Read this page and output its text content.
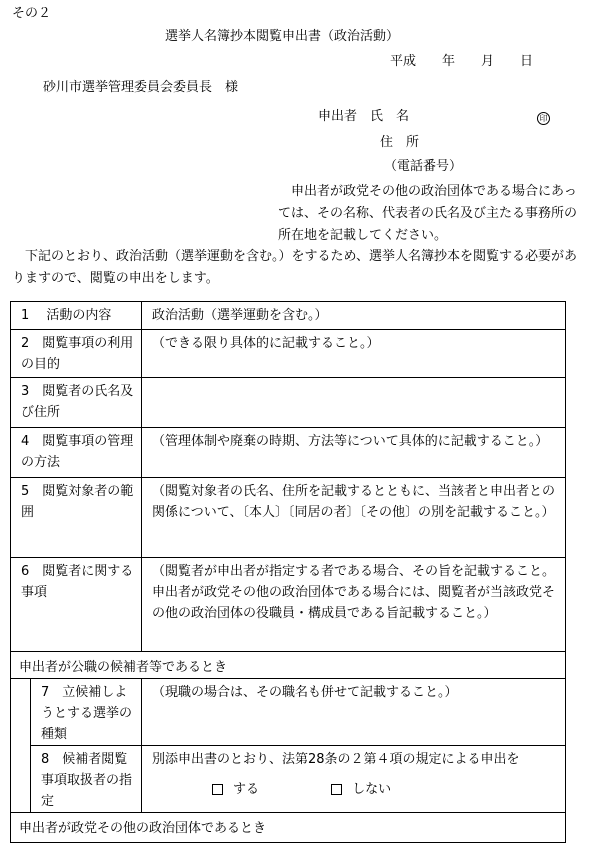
その２
選挙人名簿抄本閲覧申出書（政治活動）
平成　　年　　月　　日
砂川市選挙管理委員会委員長　様
申出者　氏　名	印
住　所
（電話番号）
申出者が政党その他の政治団体である場合にあっては、その名称、代表者の氏名及び主たる事務所の所在地を記載してください。
下記のとおり、政治活動（選挙運動を含む。）をするため、選挙人名簿抄本を閲覧する必要がありますので、閲覧の申出をします。
1　 活動の内容		政治活動（選挙運動を含む。）
2　閲覧事項の利用の目的		（できる限り具体的に記載すること。）
3　閲覧者の氏名及び住所		
4　閲覧事項の管理の方法		（管理体制や廃棄の時期、方法等について具体的に記載すること。）
5　閲覧対象者の範囲		（閲覧対象者の氏名、住所を記載するとともに、当該者と申出者との関係について、〔本人〕〔同居の者〕〔その他〕の別を記載すること。）
6　閲覧者に関する事項		（閲覧者が申出者が指定する者である場合、その旨を記載すること。申出者が政党その他の政治団体である場合には、閲覧者が当該政党その他の政治団体の役職員・構成員である旨記載すること。）
申出者が公職の候補者等であるとき		
	7　立候補しようとする選挙の種類	（現職の場合は、その職名も併せて記載すること。）
	8　候補者閲覧事項取扱者の指定	別添申出書のとおり、法第28条の２第４項の規定による申出を
する しない

申出者が政党その他の政治団体であるとき		
